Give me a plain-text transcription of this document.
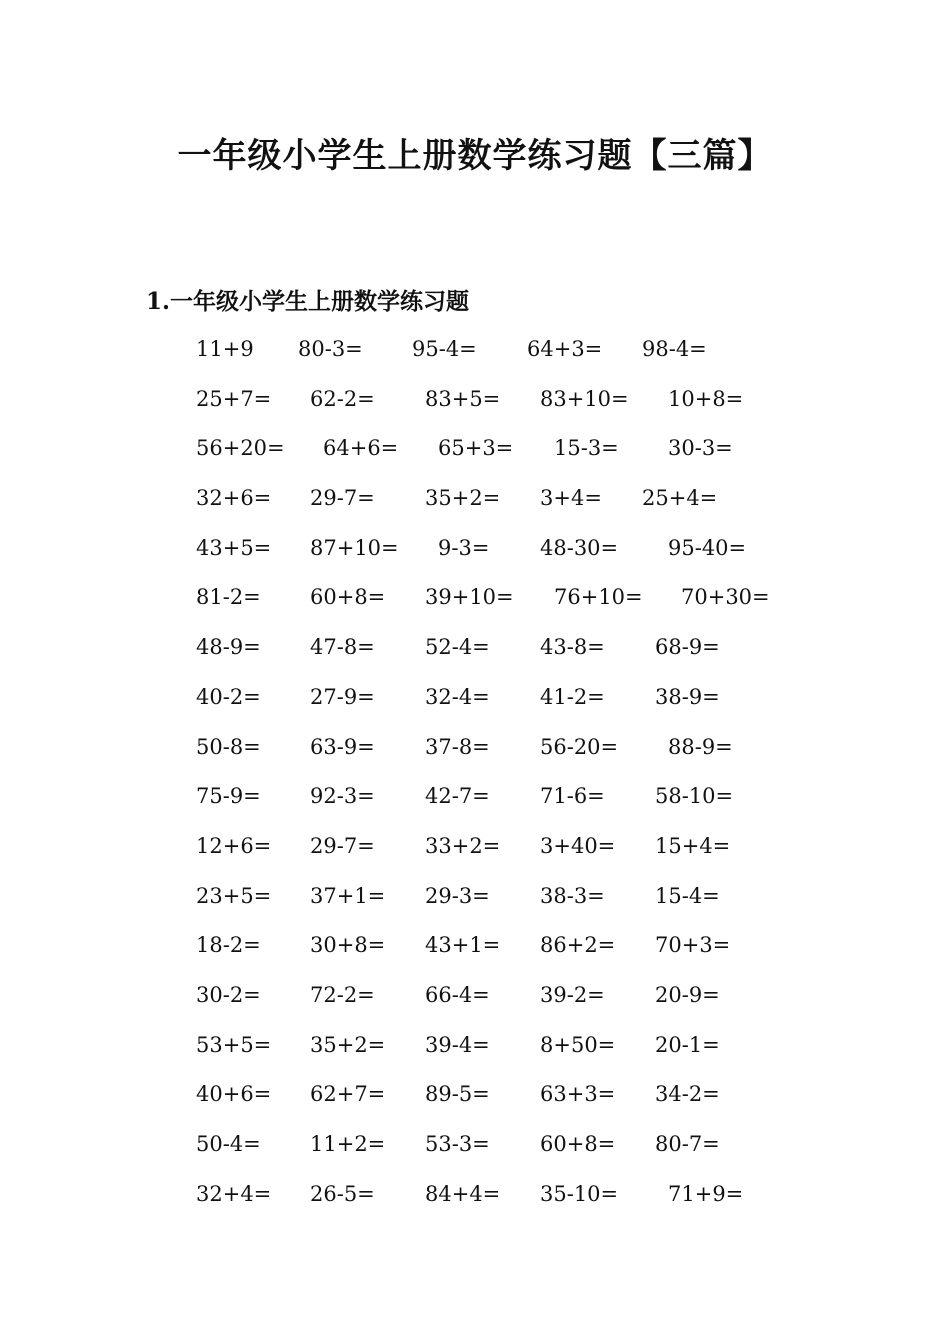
一年级小学生上册数学练习题【三篇】
1.一年级小学生上册数学练习题
11+9 80-3= 95-4= 64+3= 98-4=
25+7= 62-2= 83+5= 83+10= 10+8=
56+20= 64+6= 65+3= 15-3= 30-3=
32+6= 29-7= 35+2= 3+4= 25+4=
43+5= 87+10= 9-3= 48-30= 95-40=
81-2= 60+8= 39+10= 76+10= 70+30=
48-9= 47-8= 52-4= 43-8= 68-9=
40-2= 27-9= 32-4= 41-2= 38-9=
50-8= 63-9= 37-8= 56-20= 88-9=
75-9= 92-3= 42-7= 71-6= 58-10=
12+6= 29-7= 33+2= 3+40= 15+4=
23+5= 37+1= 29-3= 38-3= 15-4=
18-2= 30+8= 43+1= 86+2= 70+3=
30-2= 72-2= 66-4= 39-2= 20-9=
53+5= 35+2= 39-4= 8+50= 20-1=
40+6= 62+7= 89-5= 63+3= 34-2=
50-4= 11+2= 53-3= 60+8= 80-7=
32+4= 26-5= 84+4= 35-10= 71+9=
